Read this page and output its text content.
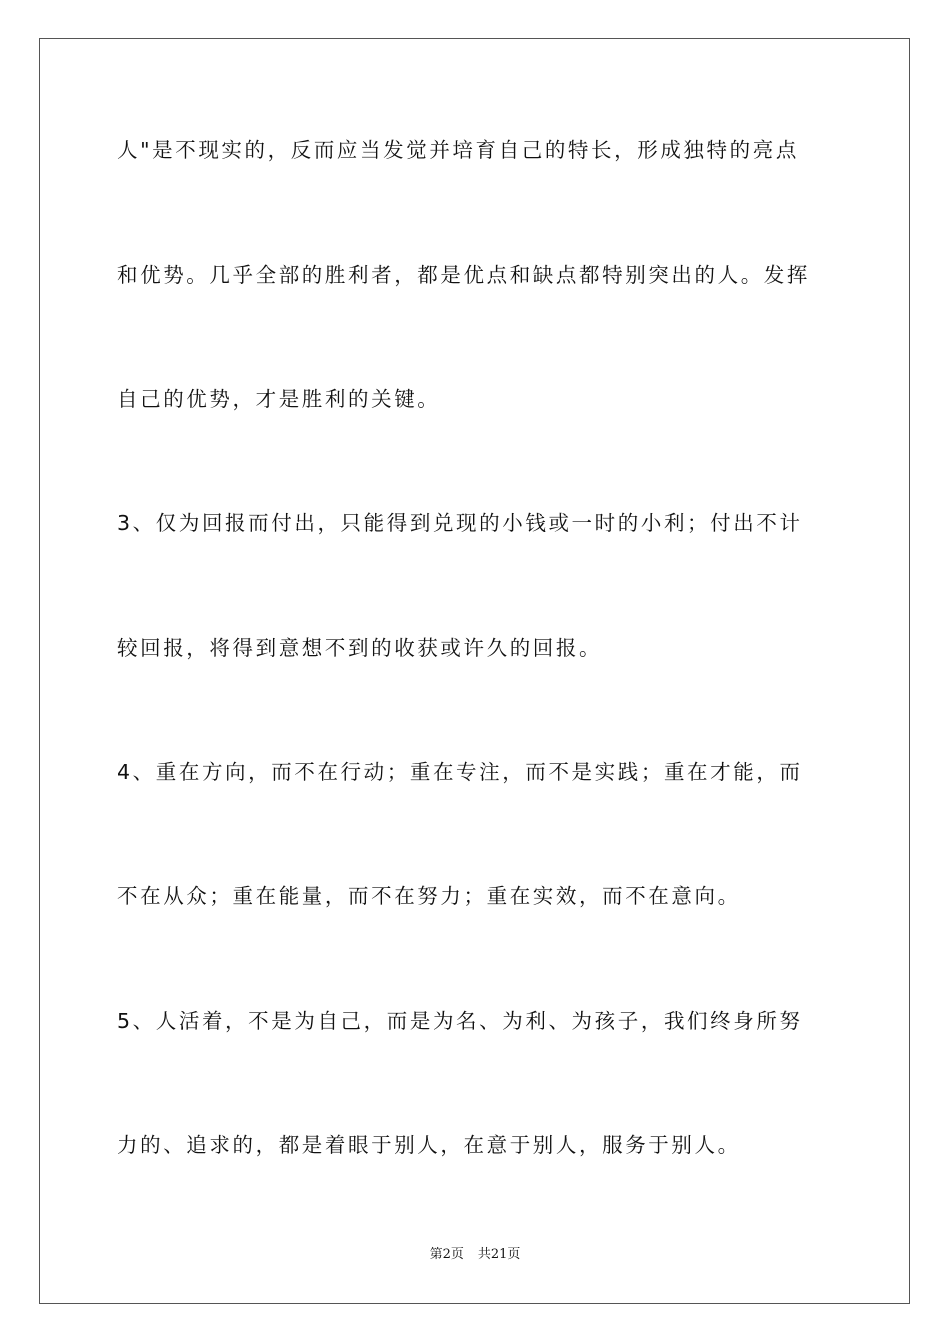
人"是不现实的，反而应当发觉并培育自己的特长，形成独特的亮点
和优势。几乎全部的胜利者，都是优点和缺点都特别突出的人。发挥
自己的优势，才是胜利的关键。
3、仅为回报而付出，只能得到兑现的小钱或一时的小利；付出不计
较回报，将得到意想不到的收获或许久的回报。
4、重在方向，而不在行动；重在专注，而不是实践；重在才能，而
不在从众；重在能量，而不在努力；重在实效，而不在意向。
5、人活着，不是为自己，而是为名、为利、为孩子，我们终身所努
力的、追求的，都是着眼于别人，在意于别人，服务于别人。
第2页 共21页
